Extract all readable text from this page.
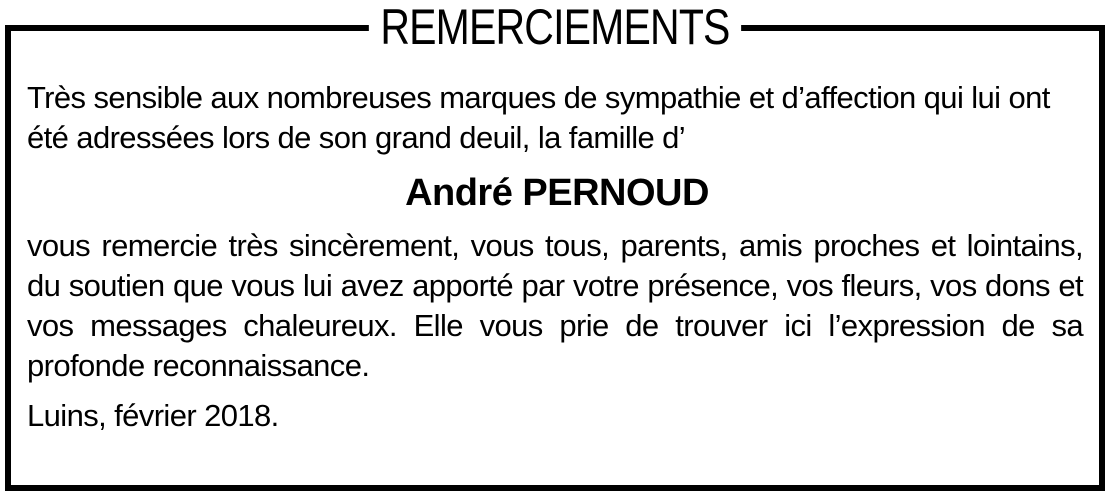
REMERCIEMENTS

Très sensible aux nombreuses marques de sympathie et d’affection qui lui ont été adressées lors de son grand deuil, la famille d’

André PERNOUD

vous remercie très sincèrement, vous tous, parents, amis proches et lointains, du soutien que vous lui avez apporté par votre présence, vos fleurs, vos dons et vos messages chaleureux. Elle vous prie de trouver ici l’expression de sa profonde reconnaissance.

Luins, février 2018.
